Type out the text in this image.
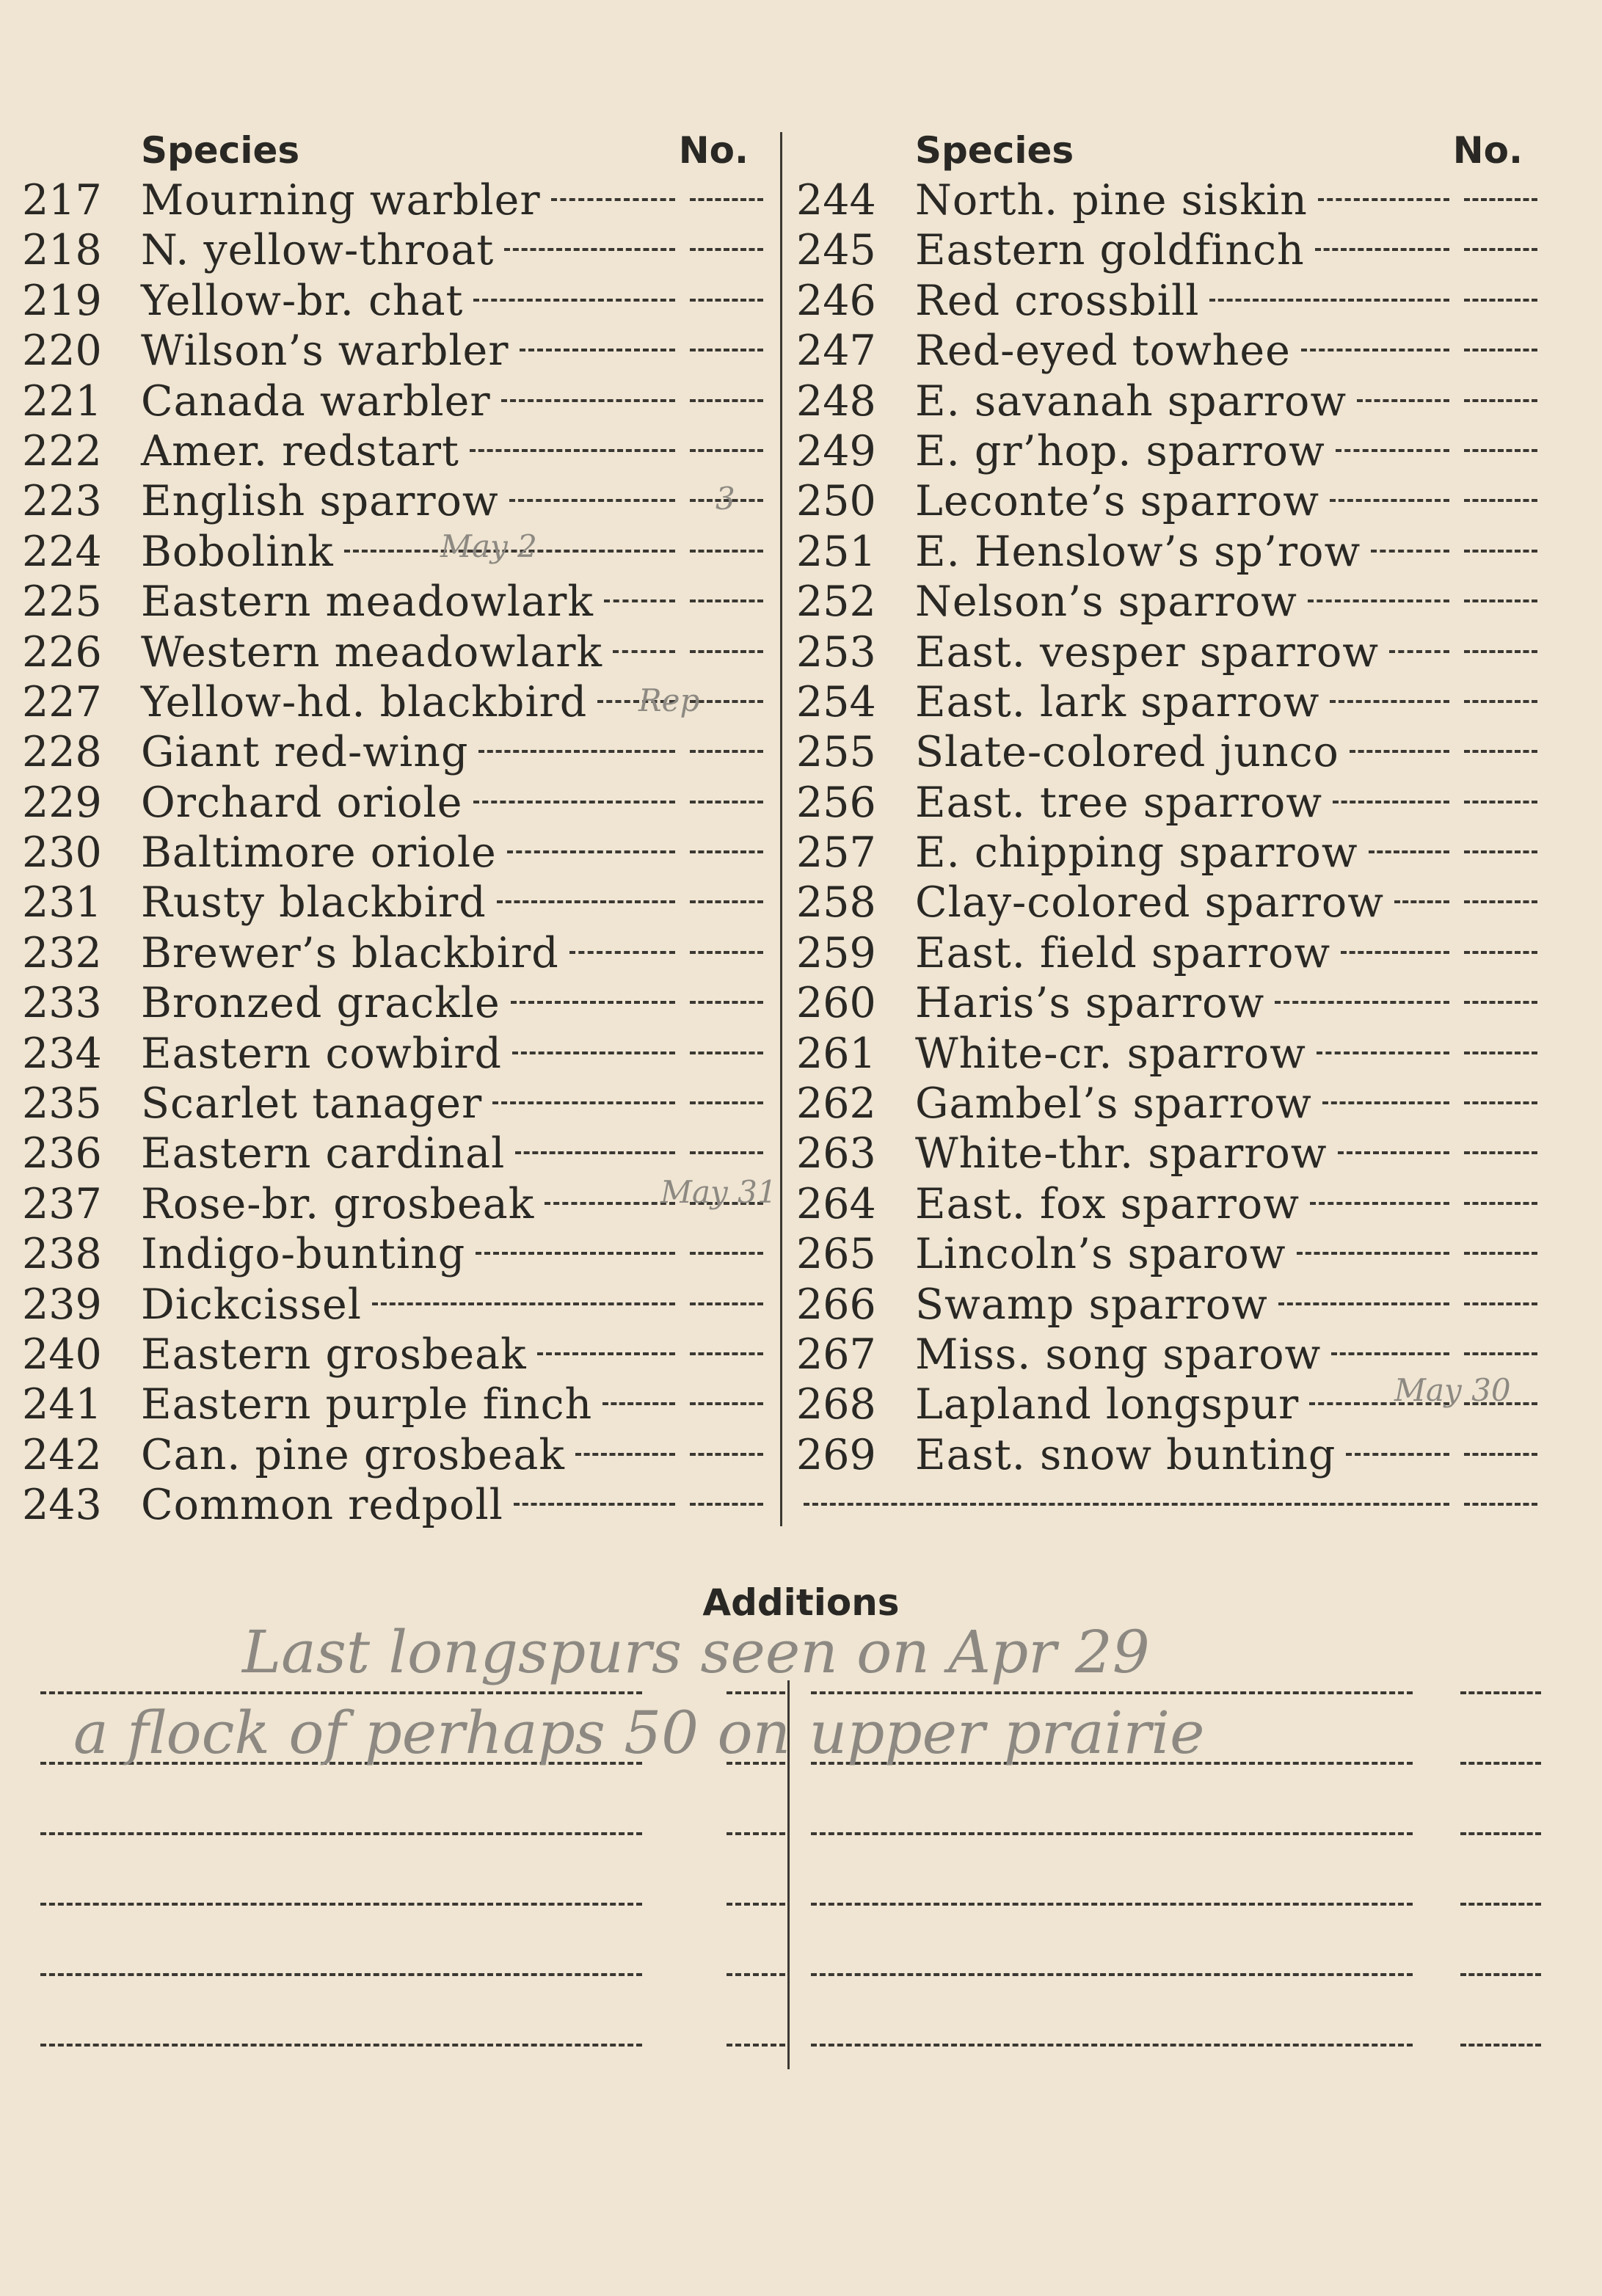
Species	No.
217 Mourning warbler
218 N. yellow-throat
219 Yellow-br. chat
220 Wilson’s warbler
221 Canada warbler
222 Amer. redstart
223 English sparrow
224 Bobolink
225 Eastern meadowlark
226 Western meadowlark
227 Yellow-hd. blackbird
228 Giant red-wing
229 Orchard oriole
230 Baltimore oriole
231 Rusty blackbird
232 Brewer’s blackbird
233 Bronzed grackle
234 Eastern cowbird
235 Scarlet tanager
236 Eastern cardinal
237 Rose-br. grosbeak
238 Indigo-bunting
239 Dickcissel
240 Eastern grosbeak
241 Eastern purple finch
242 Can. pine grosbeak
243 Common redpoll
Species	No.
244 North. pine siskin
245 Eastern goldfinch
246 Red crossbill
247 Red-eyed towhee
248 E. savanah sparrow
249 E. gr’hop. sparrow
250 Leconte’s sparrow
251 E. Henslow’s sp’row
252 Nelson’s sparrow
253 East. vesper sparrow
254 East. lark sparrow
255 Slate-colored junco
256 East. tree sparrow
257 E. chipping sparrow
258 Clay-colored sparrow
259 East. field sparrow
260 Haris’s sparrow
261 White-cr. sparrow
262 Gambel’s sparrow
263 White-thr. sparrow
264 East. fox sparrow
265 Lincoln’s sparow
266 Swamp sparrow
267 Miss. song sparow
268 Lapland longspur
269 East. snow bunting
Additions
Last longspurs seen on Apr 29
a flock of perhaps 50 on upper prairie
May 2
3
Rep
May 31
May 30
